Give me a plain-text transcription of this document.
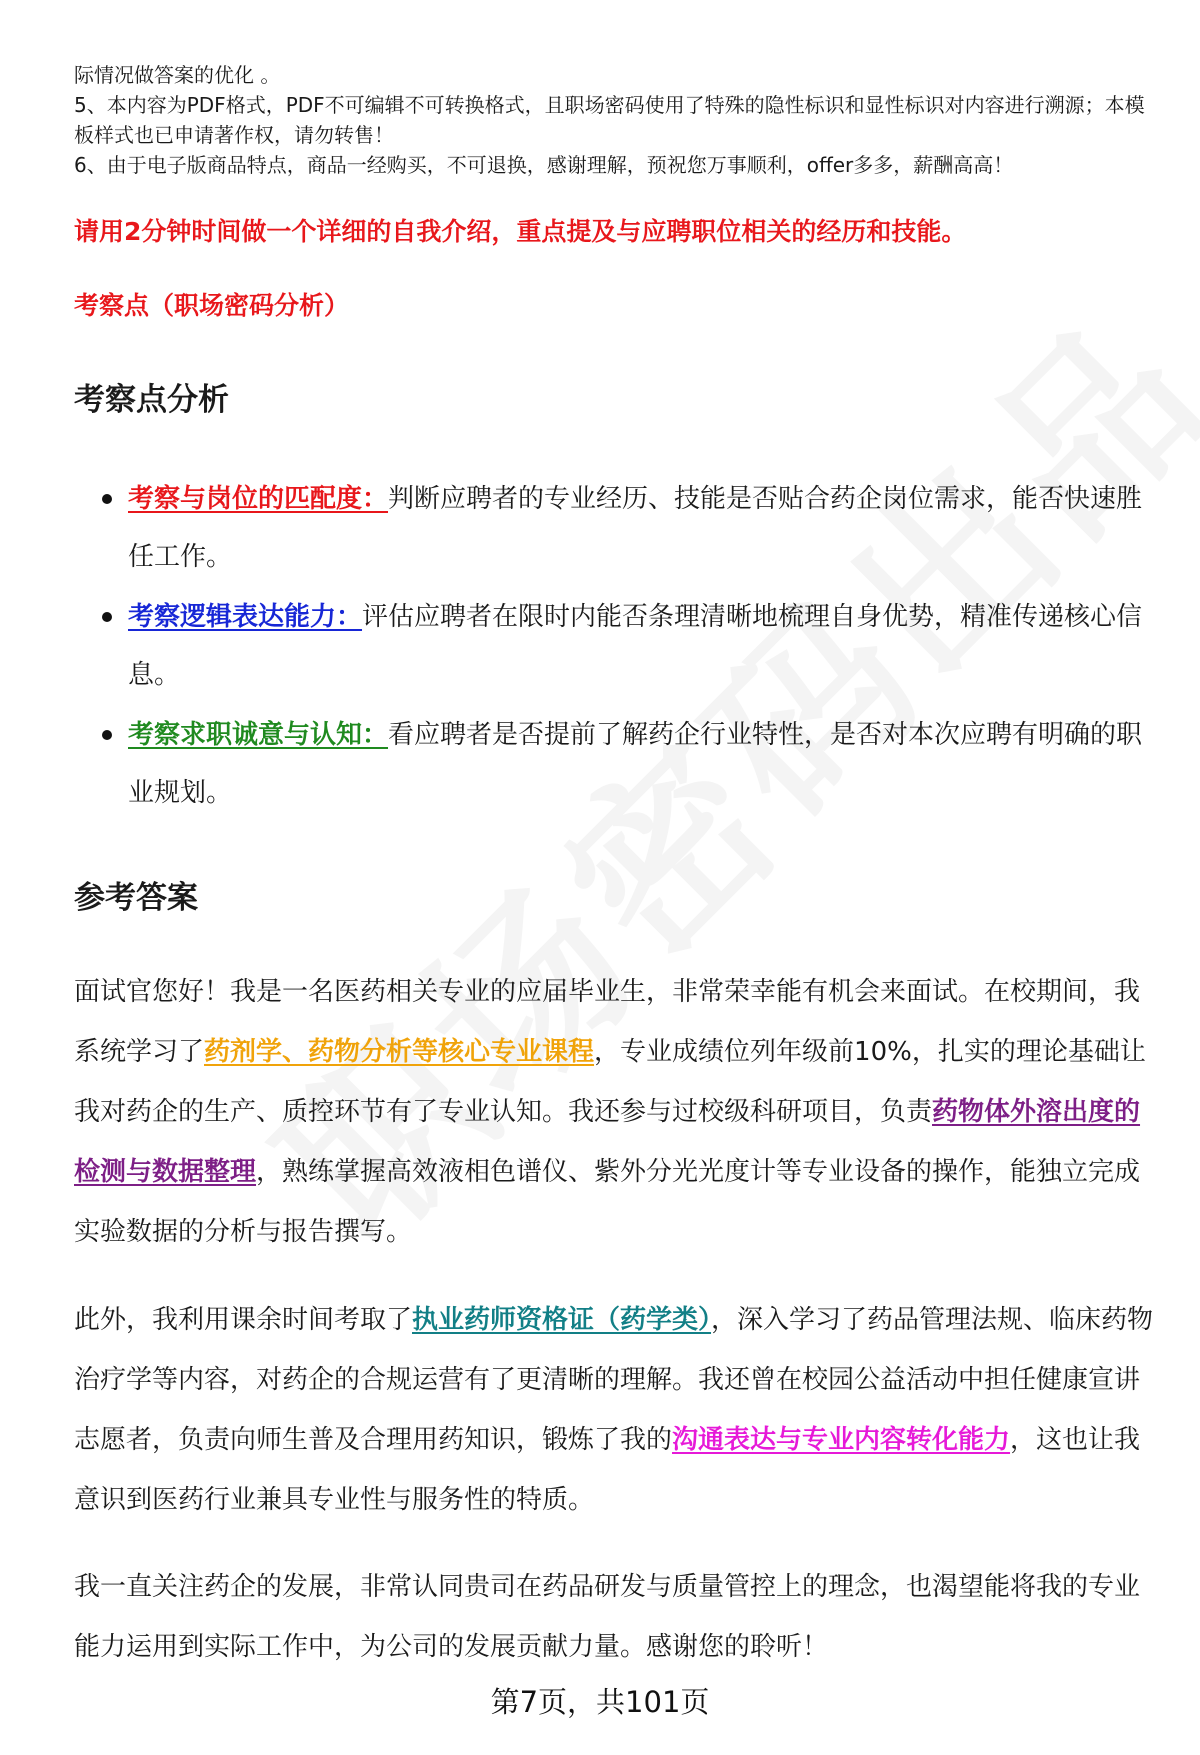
际情况做答案的优化 。

5、本内容为PDF格式，PDF不可编辑不可转换格式，且职场密码使用了特殊的隐性标识和显性标识对内容进行溯源；本模板样式也已申请著作权，请勿转售！

6、由于电子版商品特点，商品一经购买，不可退换，感谢理解，预祝您万事顺利，offer多多，薪酬高高！

请用2分钟时间做一个详细的自我介绍，重点提及与应聘职位相关的经历和技能。
考察点（职场密码分析）
考察点分析
考察与岗位的匹配度：判断应聘者的专业经历、技能是否贴合药企岗位需求，能否快速胜任工作。
考察逻辑表达能力：评估应聘者在限时内能否条理清晰地梳理自身优势，精准传递核心信息。
考察求职诚意与认知：看应聘者是否提前了解药企行业特性，是否对本次应聘有明确的职业规划。
参考答案

面试官您好！我是一名医药相关专业的应届毕业生，非常荣幸能有机会来面试。在校期间，我系统学习了药剂学、药物分析等核心专业课程，专业成绩位列年级前10%，扎实的理论基础让我对药企的生产、质控环节有了专业认知。我还参与过校级科研项目，负责药物体外溶出度的检测与数据整理，熟练掌握高效液相色谱仪、紫外分光光度计等专业设备的操作，能独立完成实验数据的分析与报告撰写。

此外，我利用课余时间考取了执业药师资格证（药学类），深入学习了药品管理法规、临床药物治疗学等内容，对药企的合规运营有了更清晰的理解。我还曾在校园公益活动中担任健康宣讲志愿者，负责向师生普及合理用药知识，锻炼了我的沟通表达与专业内容转化能力，这也让我意识到医药行业兼具专业性与服务性的特质。

我一直关注药企的发展，非常认同贵司在药品研发与质量管控上的理念，也渴望能将我的专业能力运用到实际工作中，为公司的发展贡献力量。感谢您的聆听！

第7页，共101页
